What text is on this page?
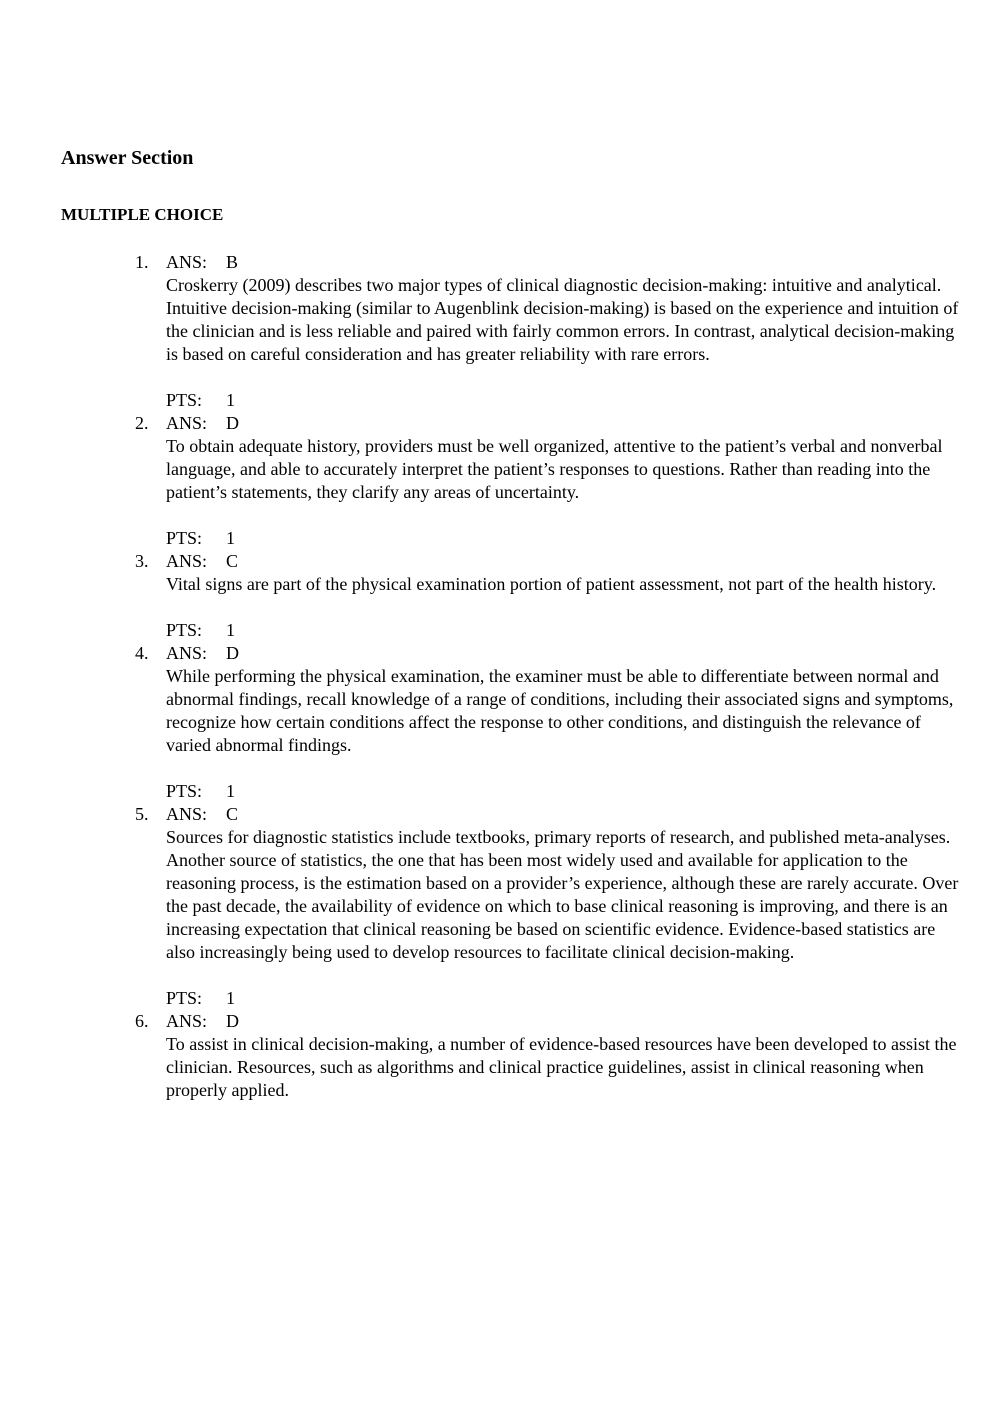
Answer Section
MULTIPLE CHOICE
1. ANS: B

Croskerry (2009) describes two major types of clinical diagnostic decision-making: intuitive and analytical. Intuitive decision-making (similar to Augenblink decision-making) is based on the experience and intuition of the clinician and is less reliable and paired with fairly common errors. In contrast, analytical decision-making is based on careful consideration and has greater reliability with rare errors.

PTS: 1
2. ANS: D

To obtain adequate history, providers must be well organized, attentive to the patient’s verbal and nonverbal language, and able to accurately interpret the patient’s responses to questions. Rather than reading into the patient’s statements, they clarify any areas of uncertainty.

PTS: 1
3. ANS: C

Vital signs are part of the physical examination portion of patient assessment, not part of the health history.

PTS: 1
4. ANS: D

While performing the physical examination, the examiner must be able to differentiate between normal and abnormal findings, recall knowledge of a range of conditions, including their associated signs and symptoms, recognize how certain conditions affect the response to other conditions, and distinguish the relevance of varied abnormal findings.

PTS: 1
5. ANS: C

Sources for diagnostic statistics include textbooks, primary reports of research, and published meta-analyses. Another source of statistics, the one that has been most widely used and available for application to the reasoning process, is the estimation based on a provider’s experience, although these are rarely accurate. Over the past decade, the availability of evidence on which to base clinical reasoning is improving, and there is an increasing expectation that clinical reasoning be based on scientific evidence. Evidence-based statistics are also increasingly being used to develop resources to facilitate clinical decision-making.

PTS: 1
6. ANS: D

To assist in clinical decision-making, a number of evidence-based resources have been developed to assist the clinician. Resources, such as algorithms and clinical practice guidelines, assist in clinical reasoning when properly applied.
